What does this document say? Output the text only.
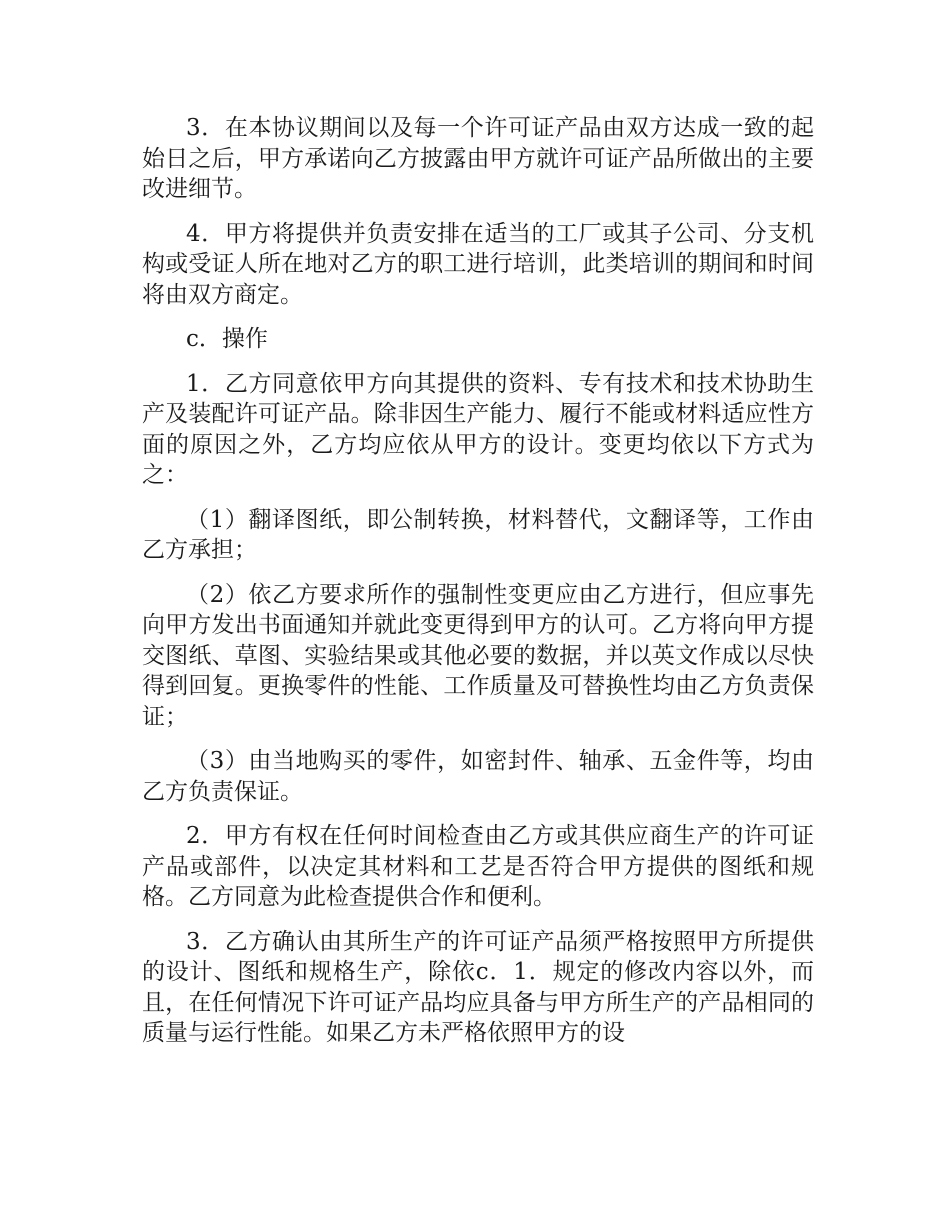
3．在本协议期间以及每一个许可证产品由双方达成一致的起始日之后，甲方承诺向乙方披露由甲方就许可证产品所做出的主要改进细节。

4．甲方将提供并负责安排在适当的工厂或其子公司、分支机构或受证人所在地对乙方的职工进行培训，此类培训的期间和时间将由双方商定。

c．操作

1．乙方同意依甲方向其提供的资料、专有技术和技术协助生产及装配许可证产品。除非因生产能力、履行不能或材料适应性方面的原因之外，乙方均应依从甲方的设计。变更均依以下方式为之：

（1）翻译图纸，即公制转换，材料替代，文翻译等，工作由乙方承担；

（2）依乙方要求所作的强制性变更应由乙方进行，但应事先向甲方发出书面通知并就此变更得到甲方的认可。乙方将向甲方提交图纸、草图、实验结果或其他必要的数据，并以英文作成以尽快得到回复。更换零件的性能、工作质量及可替换性均由乙方负责保证；

（3）由当地购买的零件，如密封件、轴承、五金件等，均由乙方负责保证。

2．甲方有权在任何时间检查由乙方或其供应商生产的许可证产品或部件，以决定其材料和工艺是否符合甲方提供的图纸和规格。乙方同意为此检查提供合作和便利。

3．乙方确认由其所生产的许可证产品须严格按照甲方所提供的设计、图纸和规格生产，除依c．1．规定的修改内容以外，而且，在任何情况下许可证产品均应具备与甲方所生产的产品相同的质量与运行性能。如果乙方未严格依照甲方的设
